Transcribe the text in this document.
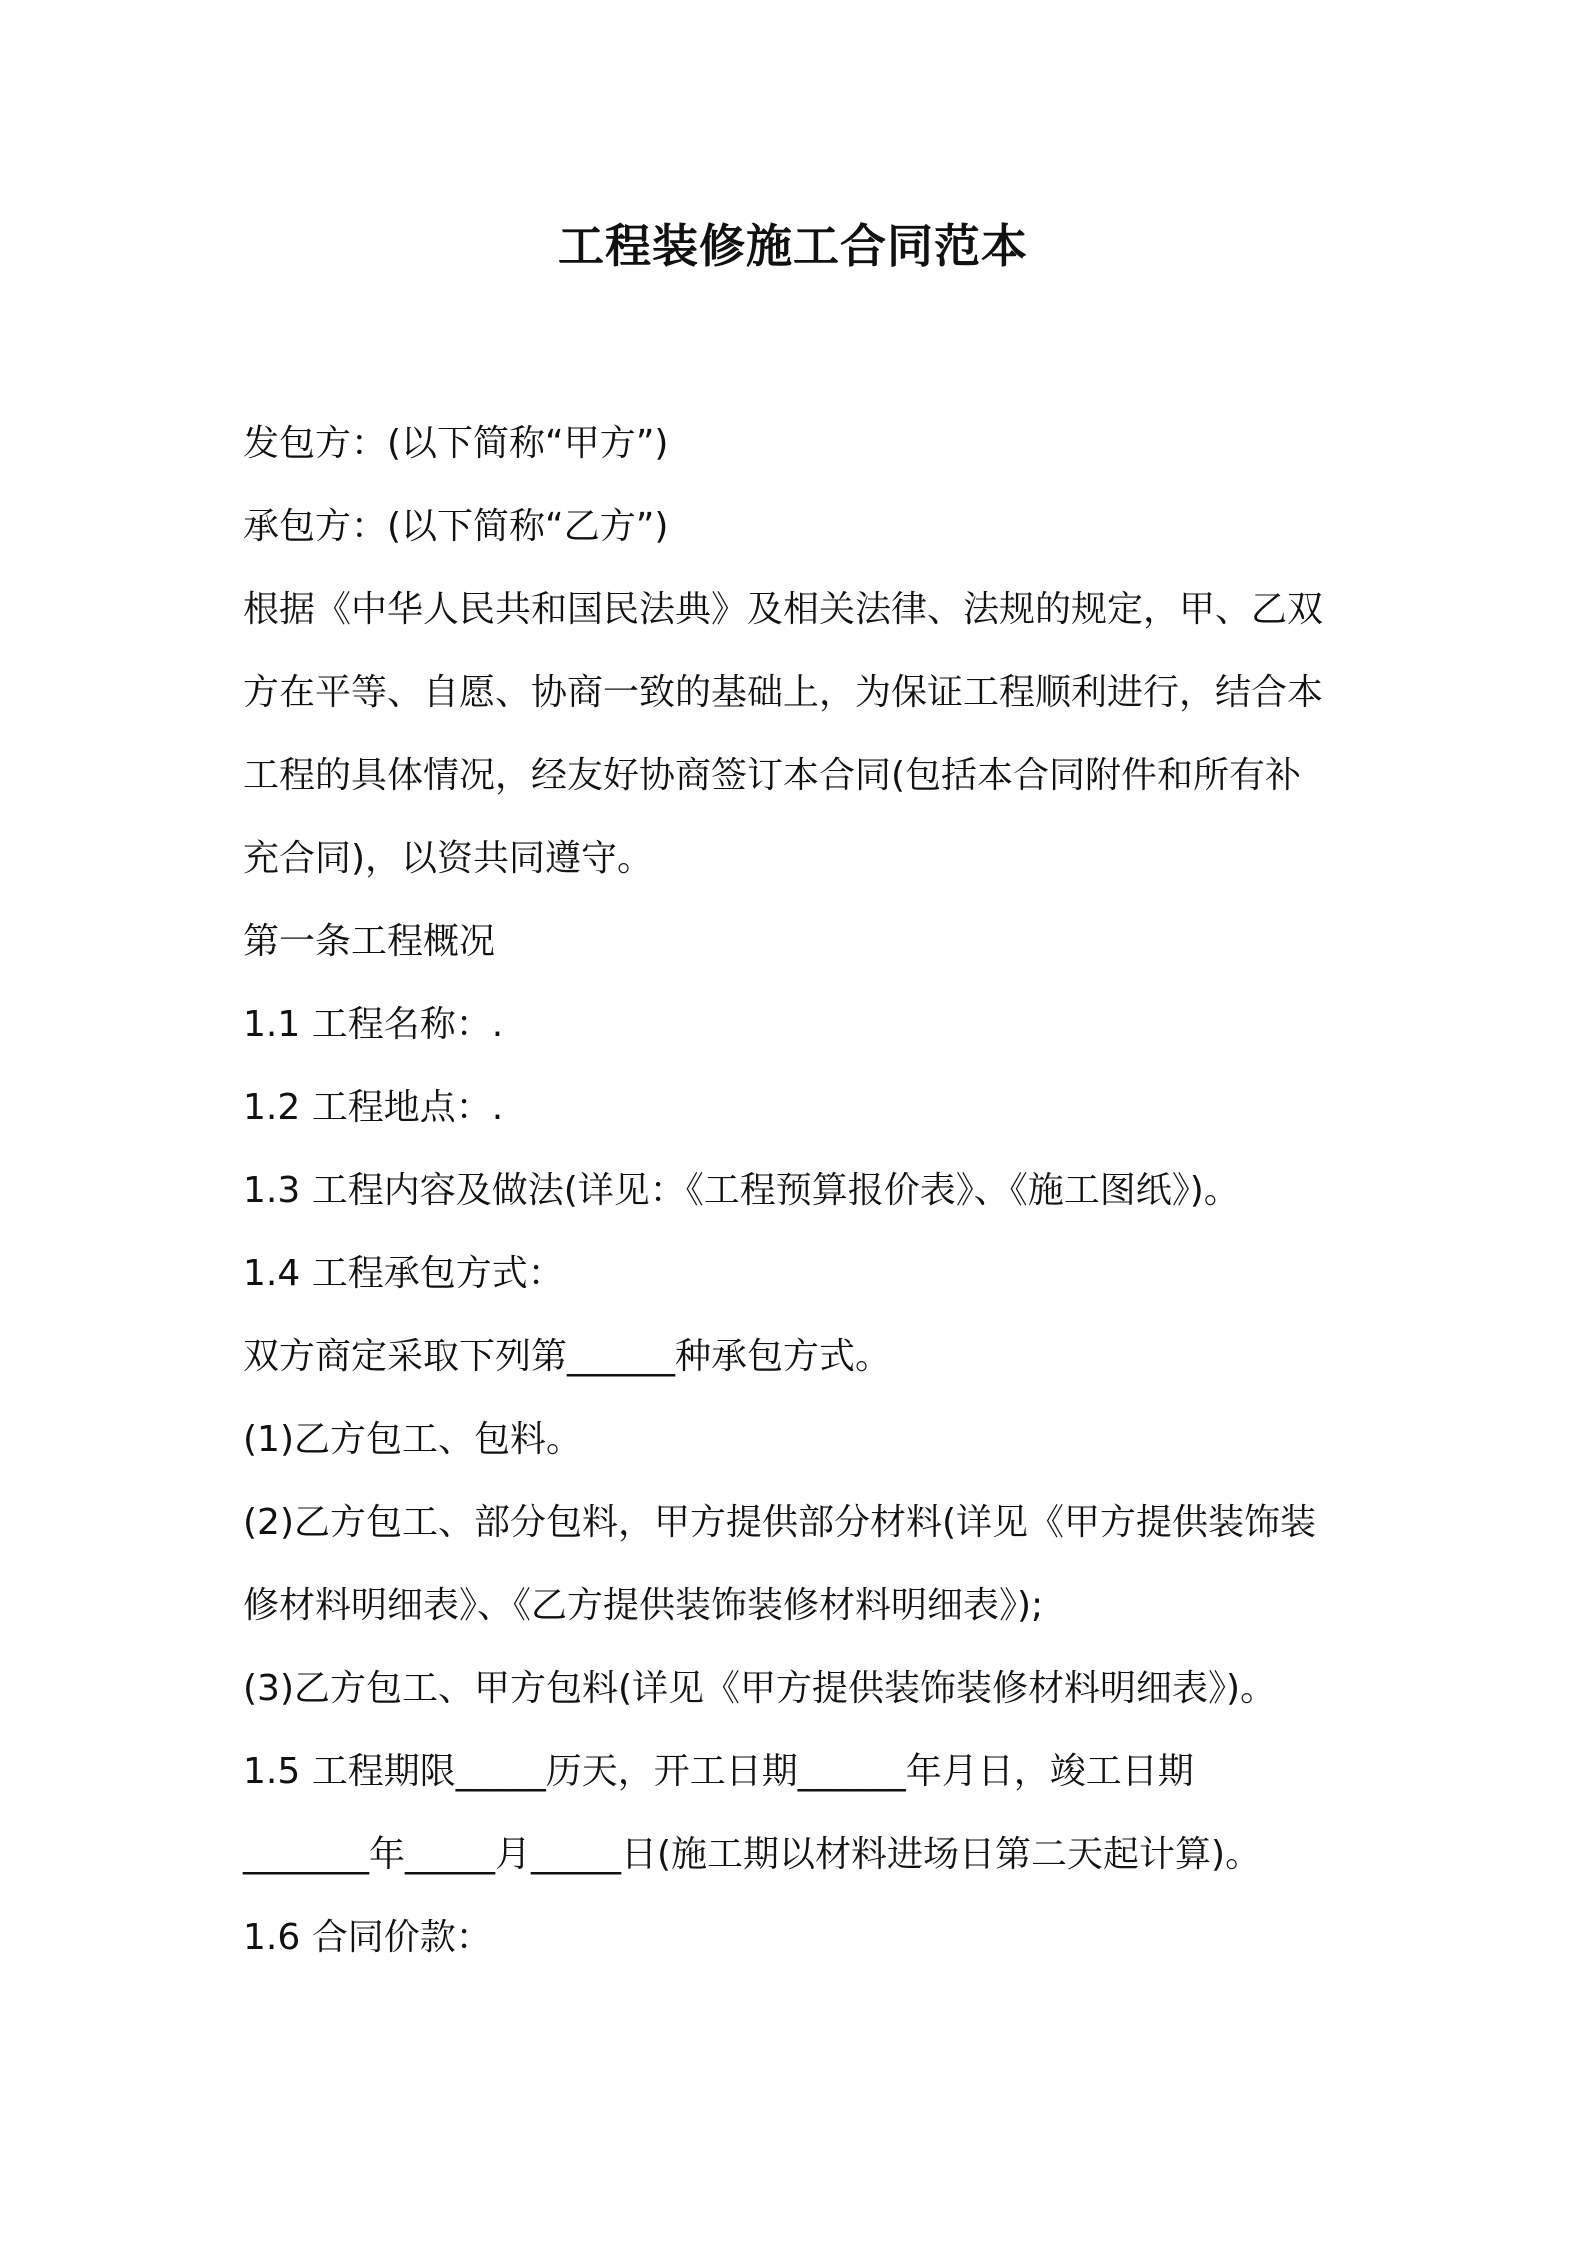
工程装修施工合同范本
发包方：(以下简称“甲方”)
承包方：(以下简称“乙方”)
根据《中华人民共和国民法典》及相关法律、法规的规定，甲、乙双
方在平等、自愿、协商一致的基础上，为保证工程顺利进行，结合本
工程的具体情况，经友好协商签订本合同(包括本合同附件和所有补
充合同)，以资共同遵守。
第一条工程概况
1.1 工程名称：.
1.2 工程地点：.
1.3 工程内容及做法(详见：《工程预算报价表》、《施工图纸》)。
1.4 工程承包方式：
双方商定采取下列第______种承包方式。
(1)乙方包工、包料。
(2)乙方包工、部分包料，甲方提供部分材料(详见《甲方提供装饰装
修材料明细表》、《乙方提供装饰装修材料明细表》);
(3)乙方包工、甲方包料(详见《甲方提供装饰装修材料明细表》)。
1.5 工程期限_____历天，开工日期______年月日，竣工日期
_______年_____月_____日(施工期以材料进场日第二天起计算)。
1.6 合同价款：
